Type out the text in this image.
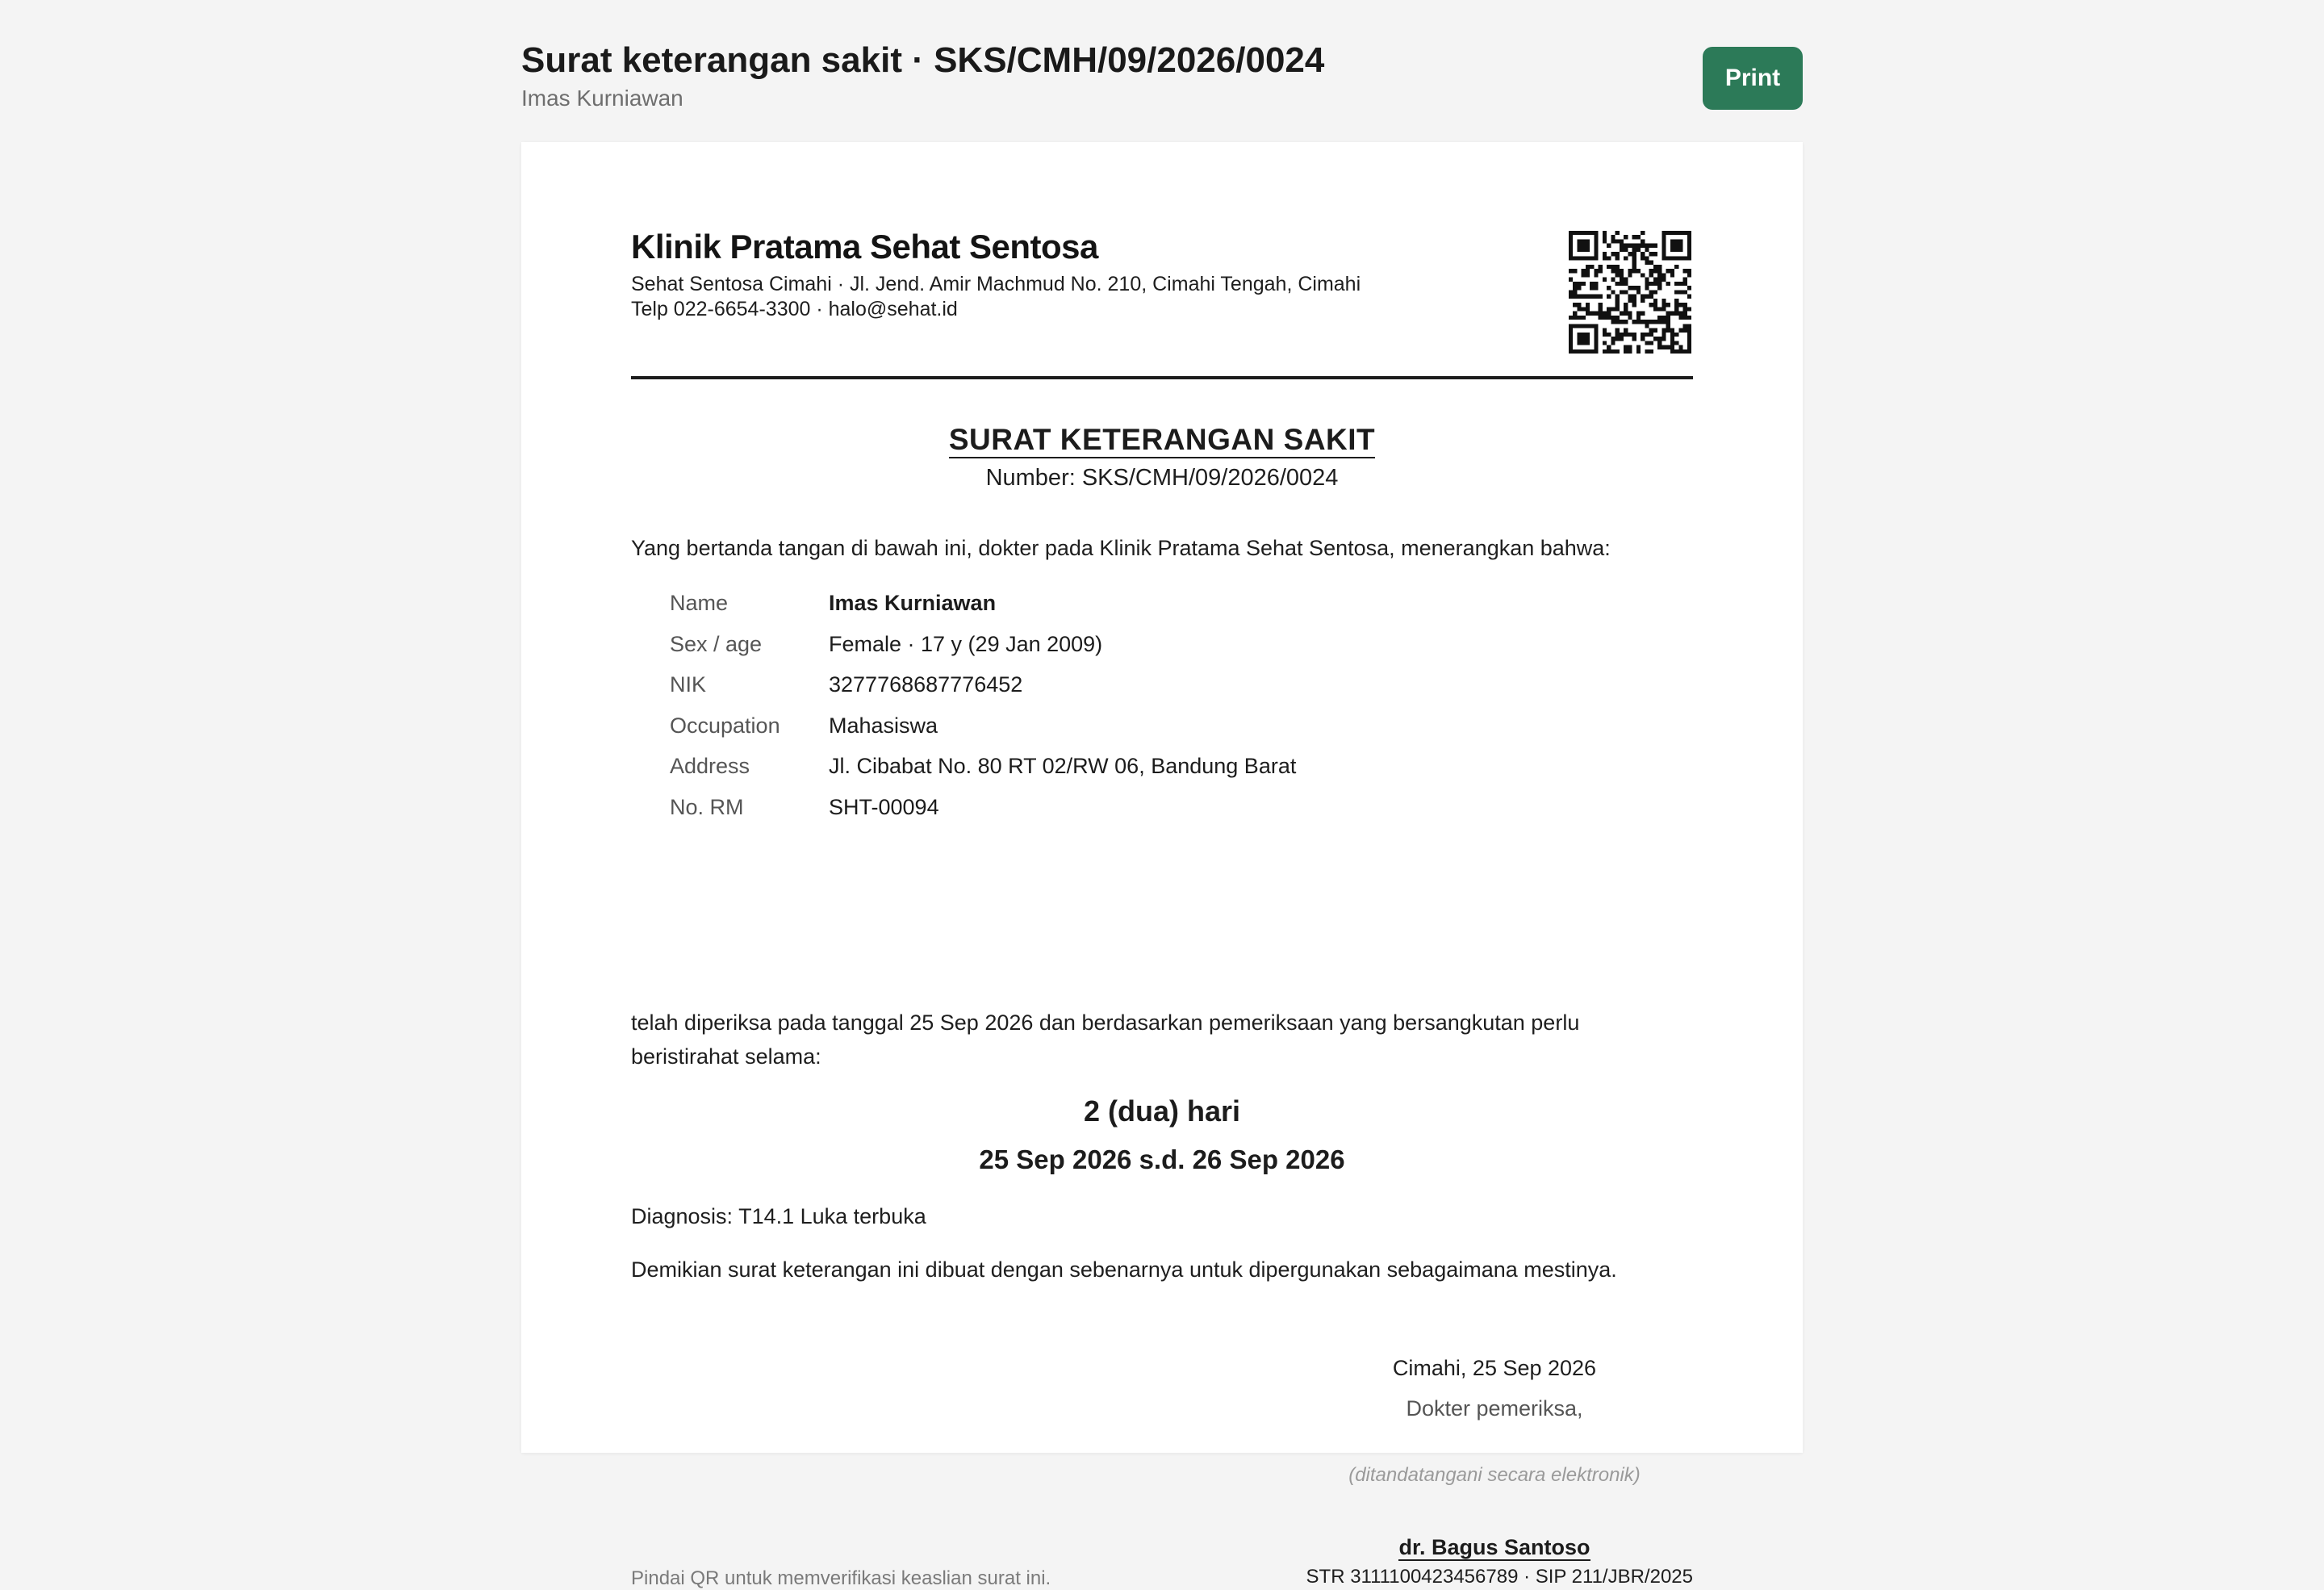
Surat keterangan sakit · SKS/CMH/09/2026/0024
Imas Kurniawan
Print
Klinik Pratama Sehat Sentosa
Sehat Sentosa Cimahi · Jl. Jend. Amir Machmud No. 210, Cimahi Tengah, Cimahi
Telp 022-6654-3300 · halo@sehat.id
SURAT KETERANGAN SAKIT
Number: SKS/CMH/09/2026/0024
Yang bertanda tangan di bawah ini, dokter pada Klinik Pratama Sehat Sentosa, menerangkan bahwa:
Name	Imas Kurniawan
Sex / age	Female · 17 y (29 Jan 2009)
NIK	3277768687776452
Occupation Mahasiswa
Address	Jl. Cibabat No. 80 RT 02/RW 06, Bandung Barat
No. RM	SHT-00094
telah diperiksa pada tanggal 25 Sep 2026 dan berdasarkan pemeriksaan yang bersangkutan perlu beristirahat selama:
2 (dua) hari
25 Sep 2026 s.d. 26 Sep 2026
Diagnosis: T14.1 Luka terbuka
Demikian surat keterangan ini dibuat dengan sebenarnya untuk dipergunakan sebagaimana mestinya.
Cimahi, 25 Sep 2026
Dokter pemeriksa,
(ditandatangani secara elektronik)
dr. Bagus Santoso
STR 3111100423456789 · SIP 211/JBR/2025
Pindai QR untuk memverifikasi keaslian surat ini.
